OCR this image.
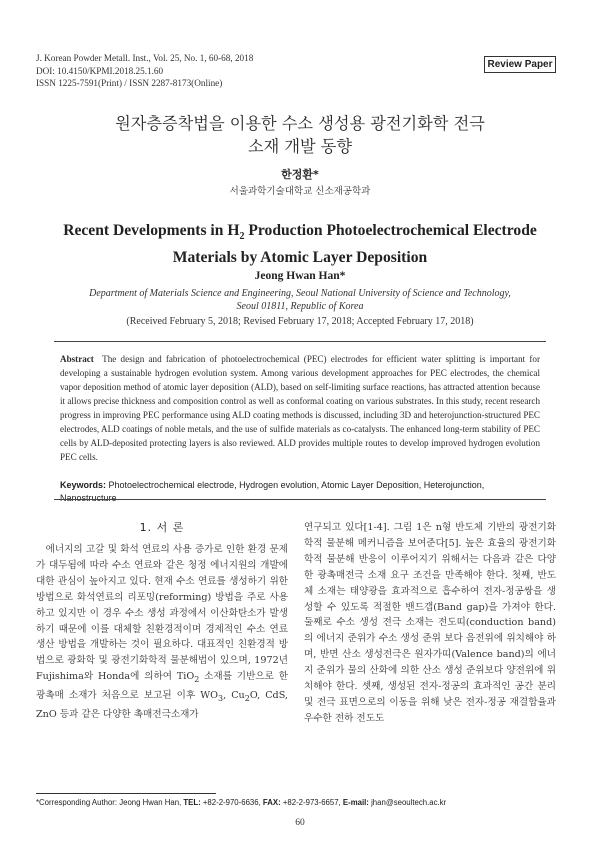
J. Korean Powder Metall. Inst., Vol. 25, No. 1, 60-68, 2018
DOI: 10.4150/KPMI.2018.25.1.60
ISSN 1225-7591(Print) / ISSN 2287-8173(Online)
Review Paper
원자층증착법을 이용한 수소 생성용 광전기화학 전극
소재 개발 동향
한정환*
서울과학기술대학교 신소재공학과
Recent Developments in $H_2$ Production Photoelectrochemical Electrode
Materials by Atomic Layer Deposition
Jeong Hwan Han*
Department of Materials Science and Engineering, Seoul National University of Science and Technology,
Seoul 01811, Republic of Korea
(Received February 5, 2018; Revised February 17, 2018; Accepted February 17, 2018)
Abstract The design and fabrication of photoelectrochemical (PEC) electrodes for efficient water splitting is important for developing a sustainable hydrogen evolution system. Among various development approaches for PEC electrodes, the chemical vapor deposition method of atomic layer deposition (ALD), based on self-limiting surface reactions, has attracted attention because it allows precise thickness and composition control as well as conformal coating on various substrates. In this study, recent research progress in improving PEC performance using ALD coating methods is discussed, including 3D and heterojunction-structured PEC electrodes, ALD coatings of noble metals, and the use of sulfide materials as co-catalysts. The enhanced long-term stability of PEC cells by ALD-deposited protecting layers is also reviewed. ALD provides multiple routes to develop improved hydrogen evolution PEC cells.
Keywords: Photoelectrochemical electrode, Hydrogen evolution, Atomic Layer Deposition, Heterojunction, Nanostructure
1. 서 론

에너지의 고갈 및 화석 연료의 사용 증가로 인한 환경 문제가 대두됨에 따라 수소 연료와 같은 청정 에너지원의 개발에 대한 관심이 높아지고 있다. 현재 수소 연료를 생성하기 위한 방법으로 화석연료의 리포밍(reforming) 방법을 주로 사용하고 있지만 이 경우 수소 생성 과정에서 이산화탄소가 발생하기 때문에 이를 대체할 친환경적이며 경제적인 수소 연료 생산 방법을 개발하는 것이 필요하다. 대표적인 친환경적 방법으로 광화학 및 광전기화학적 물분해법이 있으며, 1972년 Fujishima와 Honda에 의하여 TiO$_2$ 소재를 기반으로 한 광촉매 소재가 처음으로 보고된 이후 $WO_3$, $Cu_2O$, CdS, ZnO 등과 같은 다양한 촉매전극소재가

연구되고 있다[1-4]. 그림 1은 n형 반도체 기반의 광전기화학적 물분해 메커니즘을 보여준다[5]. 높은 효율의 광전기화학적 물분해 반응이 이루어지기 위해서는 다음과 같은 다양한 광촉매전극 소재 요구 조건을 만족해야 한다. 첫째, 반도체 소재는 태양광을 효과적으로 흡수하여 전자-정공쌍을 생성할 수 있도록 적절한 밴드갭(Band gap)을 가져야 한다. 둘째로 수소 생성 전극 소재는 전도띠(conduction band)의 에너지 준위가 수소 생성 준위 보다 음전위에 위치해야 하며, 반면 산소 생성전극은 원자가띠(Valence band)의 에너지 준위가 물의 산화에 의한 산소 생성 준위보다 양전위에 위치해야 한다. 셋째, 생성된 전자-정공의 효과적인 공간 분리 및 전극 표면으로의 이동을 위해 낮은 전자-정공 재결합율과 우수한 전하 전도도

*Corresponding Author: Jeong Hwan Han, TEL: +82-2-970-6636, FAX: +82-2-973-6657, E-mail: jhan@seoultech.ac.kr
60
